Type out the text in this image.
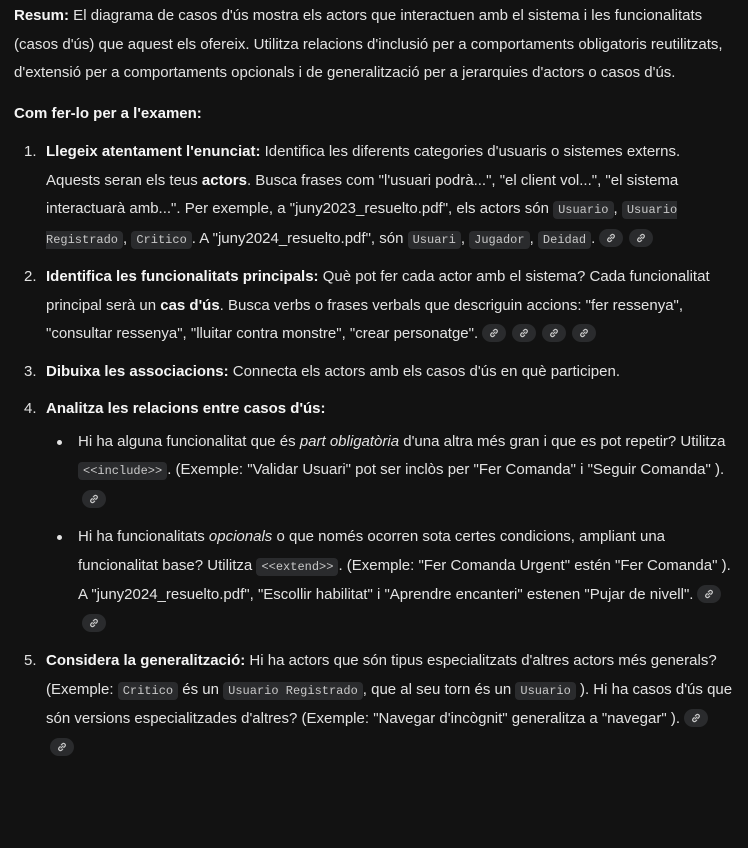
Resum: El diagrama de casos d'ús mostra els actors que interactuen amb el sistema i les funcionalitats (casos d'ús) que aquest els ofereix. Utilitza relacions d'inclusió per a comportaments obligatoris reutilitzats, d'extensió per a comportaments opcionals i de generalització per a jerarquies d'actors o casos d'ús.

Com fer-lo per a l'examen:

1. Llegeix atentament l'enunciat: Identifica les diferents categories d'usuaris o sistemes externs. Aquests seran els teus actors. Busca frases com "l'usuari podrà...", "el client vol...", "el sistema interactuarà amb...". Per exemple, a "juny2023_resuelto.pdf", els actors són Usuario , Usuario Registrado , Critico . A "juny2024_resuelto.pdf", són Usuari , Jugador , Deidad .
2. Identifica les funcionalitats principals: Què pot fer cada actor amb el sistema? Cada funcionalitat principal serà un cas d'ús. Busca verbs o frases verbals que descriguin accions: "fer ressenya", "consultar ressenya", "lluitar contra monstre", "crear personatge".
3. Dibuixa les associacions: Connecta els actors amb els casos d'ús en què participen.
4. Analitza les relacions entre casos d'ús:
Hi ha alguna funcionalitat que és part obligatòria d'una altra més gran i que es pot repetir? Utilitza <<include>> . (Exemple: "Validar Usuari" pot ser inclòs per "Fer Comanda" i "Seguir Comanda" ).
Hi ha funcionalitats opcionals o que només ocorren sota certes condicions, ampliant una funcionalitat base? Utilitza <<extend>> . (Exemple: "Fer Comanda Urgent" estén "Fer Comanda" ). A "juny2024_resuelto.pdf", "Escollir habilitat" i "Aprendre encanteri" estenen "Pujar de nivell".
5. Considera la generalització: Hi ha actors que són tipus especialitzats d'altres actors més generals? (Exemple: Critico és un Usuario Registrado , que al seu torn és un Usuario ). Hi ha casos d'ús que són versions especialitzades d'altres? (Exemple: "Navegar d'incògnit" generalitza a "navegar" ).
